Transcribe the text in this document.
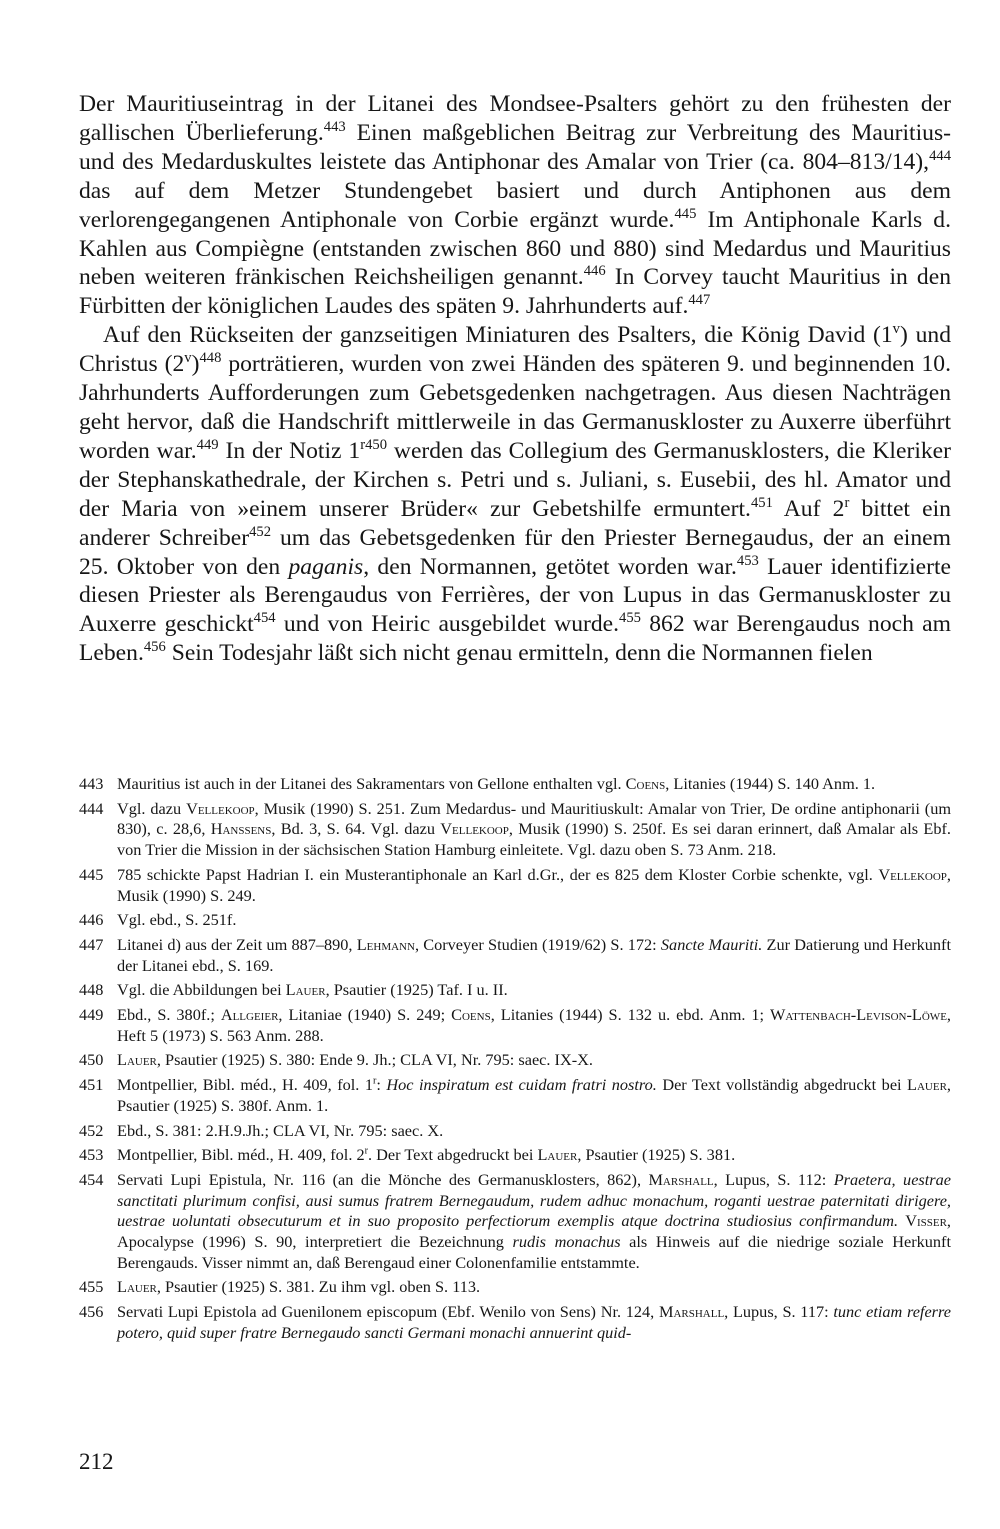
Der Mauritiuseintrag in der Litanei des Mondsee-Psalters gehört zu den frühesten der gallischen Überlieferung.$^{443}$ Einen maßgeblichen Beitrag zur Verbreitung des Mauritius- und des Medarduskultes leistete das Antiphonar des Amalar von Trier (ca. 804–813/14),$^{444}$ das auf dem Metzer Stundengebet basiert und durch Antiphonen aus dem verlorengegangenen Antiphonale von Corbie ergänzt wurde.$^{445}$ Im Antiphonale Karls d. Kahlen aus Compiègne (entstanden zwischen 860 und 880) sind Medardus und Mauritius neben weiteren fränkischen Reichsheiligen genannt.$^{446}$ In Corvey taucht Mauritius in den Fürbitten der königlichen Laudes des späten 9. Jahrhunderts auf.$^{447}$

Auf den Rückseiten der ganzseitigen Miniaturen des Psalters, die König David (1$^v$) und Christus $(2^v)^{448}$ porträtieren, wurden von zwei Händen des späteren 9. und beginnenden 10. Jahrhunderts Aufforderungen zum Gebetsgedenken nachgetragen. Aus diesen Nachträgen geht hervor, daß die Handschrift mittlerweile in das Germanuskloster zu Auxerre überführt worden war.$^{449}$ In der Notiz $1^{r450}$ werden das Collegium des Germanusklosters, die Kleriker der Stephanskathedrale, der Kirchen s. Petri und s. Juliani, s. Eusebii, des hl. Amator und der Maria von »einem unserer Brüder« zur Gebetshilfe ermuntert.$^{451}$ Auf 2$^r$ bittet ein anderer Schreiber$^{452}$ um das Gebetsgedenken für den Priester Bernegaudus, der an einem 25. Oktober von den paganis, den Normannen, getötet worden war.$^{453}$ Lauer identifizierte diesen Priester als Berengaudus von Ferrières, der von Lupus in das Germanuskloster zu Auxerre geschickt$^{454}$ und von Heiric ausgebildet wurde.$^{455}$ 862 war Berengaudus noch am Leben.$^{456}$ Sein Todesjahr läßt sich nicht genau ermitteln, denn die Normannen fielen

443 Mauritius ist auch in der Litanei des Sakramentars von Gellone enthalten vgl. Coens, Litanies (1944) S. 140 Anm. 1.
444 Vgl. dazu Vellekoop, Musik (1990) S. 251. Zum Medardus- und Mauritiuskult: Amalar von Trier, De ordine antiphonarii (um 830), c. 28,6, Hanssens, Bd. 3, S. 64. Vgl. dazu Vellekoop, Musik (1990) S. 250f. Es sei daran erinnert, daß Amalar als Ebf. von Trier die Mission in der sächsischen Station Hamburg einleitete. Vgl. dazu oben S. 73 Anm. 218.
445 785 schickte Papst Hadrian I. ein Musterantiphonale an Karl d.Gr., der es 825 dem Kloster Corbie schenkte, vgl. Vellekoop, Musik (1990) S. 249.
446 Vgl. ebd., S. 251f.
447 Litanei d) aus der Zeit um 887–890, Lehmann, Corveyer Studien (1919/62) S. 172: Sancte Mauriti. Zur Datierung und Herkunft der Litanei ebd., S. 169.
448 Vgl. die Abbildungen bei Lauer, Psautier (1925) Taf. I u. II.
449 Ebd., S. 380f.; Allgeier, Litaniae (1940) S. 249; Coens, Litanies (1944) S. 132 u. ebd. Anm. 1; Wattenbach-Levison-Löwe, Heft 5 (1973) S. 563 Anm. 288.
450 Lauer, Psautier (1925) S. 380: Ende 9. Jh.; CLA VI, Nr. 795: saec. IX-X.
451 Montpellier, Bibl. méd., H. 409, fol. 1$^r$: Hoc inspiratum est cuidam fratri nostro. Der Text vollständig abgedruckt bei Lauer, Psautier (1925) S. 380f. Anm. 1.
452 Ebd., S. 381: 2.H.9.Jh.; CLA VI, Nr. 795: saec. X.
453 Montpellier, Bibl. méd., H. 409, fol. 2$^r$. Der Text abgedruckt bei Lauer, Psautier (1925) S. 381.
454 Servati Lupi Epistula, Nr. 116 (an die Mönche des Germanusklosters, 862), Marshall, Lupus, S. 112: Praetera, uestrae sanctitati plurimum confisi, ausi sumus fratrem Bernegaudum, rudem adhuc monachum, roganti uestrae paternitati dirigere, uestrae uoluntati obsecuturum et in suo proposito perfectiorum exemplis atque doctrina studiosius confirmandum. Visser, Apocalypse (1996) S. 90, interpretiert die Bezeichnung rudis monachus als Hinweis auf die niedrige soziale Herkunft Berengauds. Visser nimmt an, daß Berengaud einer Colonenfamilie entstammte.
455 Lauer, Psautier (1925) S. 381. Zu ihm vgl. oben S. 113.
456 Servati Lupi Epistola ad Guenilonem episcopum (Ebf. Wenilo von Sens) Nr. 124, Marshall, Lupus, S. 117: tunc etiam referre potero, quid super fratre Bernegaudo sancti Germani monachi annuerint quid-
212
